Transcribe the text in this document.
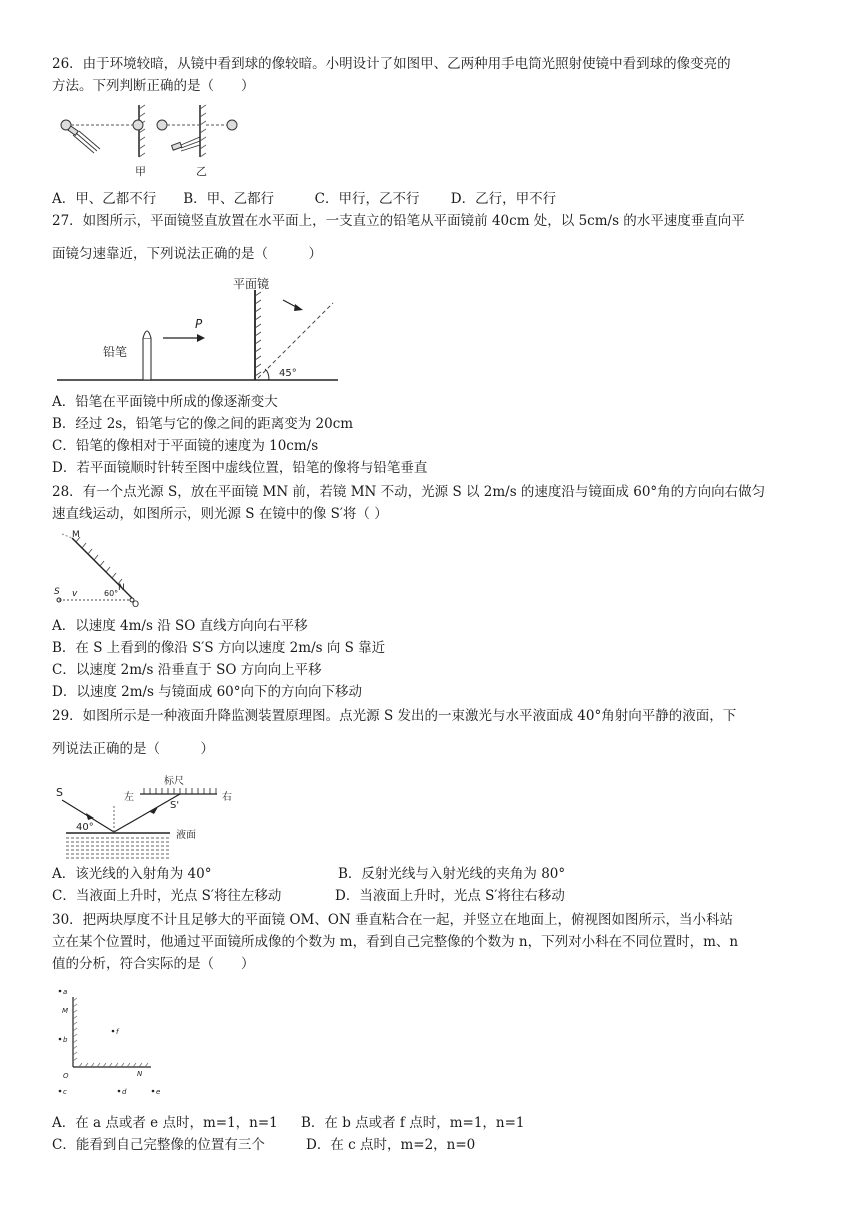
26．由于环境较暗，从镜中看到球的像较暗。小明设计了如图甲、乙两种用手电筒光照射使镜中看到球的像变亮的
方法。下列判断正确的是（　　）
甲	乙
A．甲、乙都不行　　B．甲、乙都行　　　C．甲行，乙不行　　 D．乙行，甲不行
27．如图所示，平面镜竖直放置在水平面上，一支直立的铅笔从平面镜前 40cm 处，以 5cm/s 的水平速度垂直向平
面镜匀速靠近，下列说法正确的是（　　　）
铅笔
P
平面镜
45°
A．铅笔在平面镜中所成的像逐渐变大
B．经过 2s，铅笔与它的像之间的距离变为 20cm
C．铅笔的像相对于平面镜的速度为 10cm/s
D．若平面镜顺时针转至图中虚线位置，铅笔的像将与铅笔垂直
28．有一个点光源 S，放在平面镜 MN 前，若镜 MN 不动，光源 S 以 2m/s 的速度沿与镜面成 60°角的方向向右做匀
速直线运动，如图所示，则光源 S 在镜中的像 S′将（ ）
M
N
S v	60°
O
A．以速度 4m/s 沿 SO 直线方向向右平移
B．在 S 上看到的像沿 S′S 方向以速度 2m/s 向 S 靠近
C．以速度 2m/s 沿垂直于 SO 方向向上平移
D．以速度 2m/s 与镜面成 60°向下的方向向下移动
29．如图所示是一种液面升降监测装置原理图。点光源 S 发出的一束激光与水平液面成 40°角射向平静的液面，下
列说法正确的是（　　　）
S
40°
标尺
左	右
S'
液面
A．该光线的入射角为 40°	B．反射光线与入射光线的夹角为 80°
C．当液面上升时，光点 S′将往左移动	D．当液面上升时，光点 S′将往右移动
30．把两块厚度不计且足够大的平面镜 OM、ON 垂直粘合在一起，并竖立在地面上，俯视图如图所示，当小科站
立在某个位置时，他通过平面镜所成像的个数为 m，看到自己完整像的个数为 n，下列对小科在不同位置时，m、n
值的分析，符合实际的是（　　）
M
N
O
a
b
f
c	d	e
A．在 a 点或者 e 点时，m=1，n=1 B．在 b 点或者 f 点时，m=1，n=1
C．能看到自己完整像的位置有三个	D．在 c 点时，m=2，n=0
